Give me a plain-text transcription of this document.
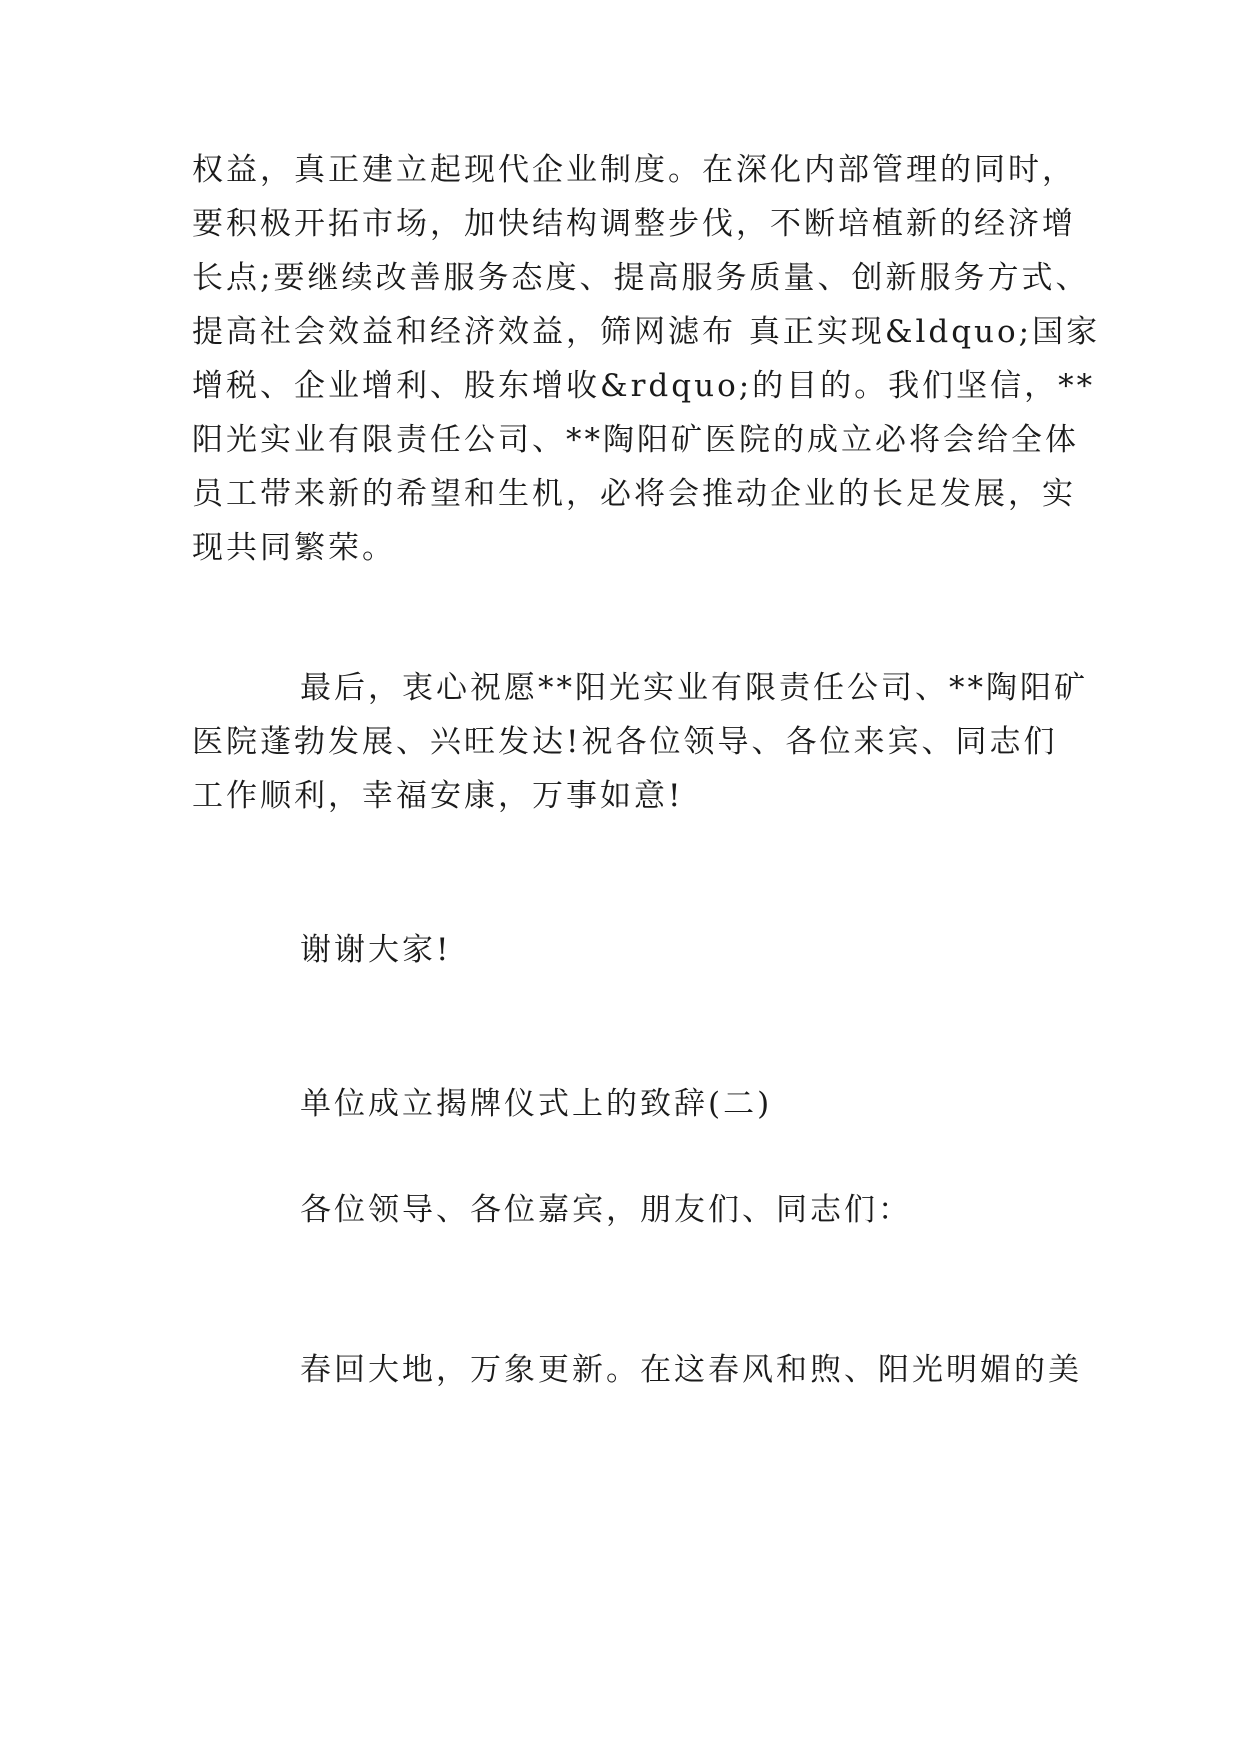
权益，真正建立起现代企业制度。在深化内部管理的同时，
要积极开拓市场，加快结构调整步伐，不断培植新的经济增
长点;要继续改善服务态度、提高服务质量、创新服务方式、
提高社会效益和经济效益，筛网滤布 真正实现&ldquo;国家
增税、企业增利、股东增收&rdquo;的目的。我们坚信，**
阳光实业有限责任公司、**陶阳矿医院的成立必将会给全体
员工带来新的希望和生机，必将会推动企业的长足发展，实
现共同繁荣。
最后，衷心祝愿**阳光实业有限责任公司、**陶阳矿
医院蓬勃发展、兴旺发达!祝各位领导、各位来宾、同志们
工作顺利，幸福安康，万事如意!
谢谢大家!
单位成立揭牌仪式上的致辞(二)
各位领导、各位嘉宾，朋友们、同志们：
春回大地，万象更新。在这春风和煦、阳光明媚的美
